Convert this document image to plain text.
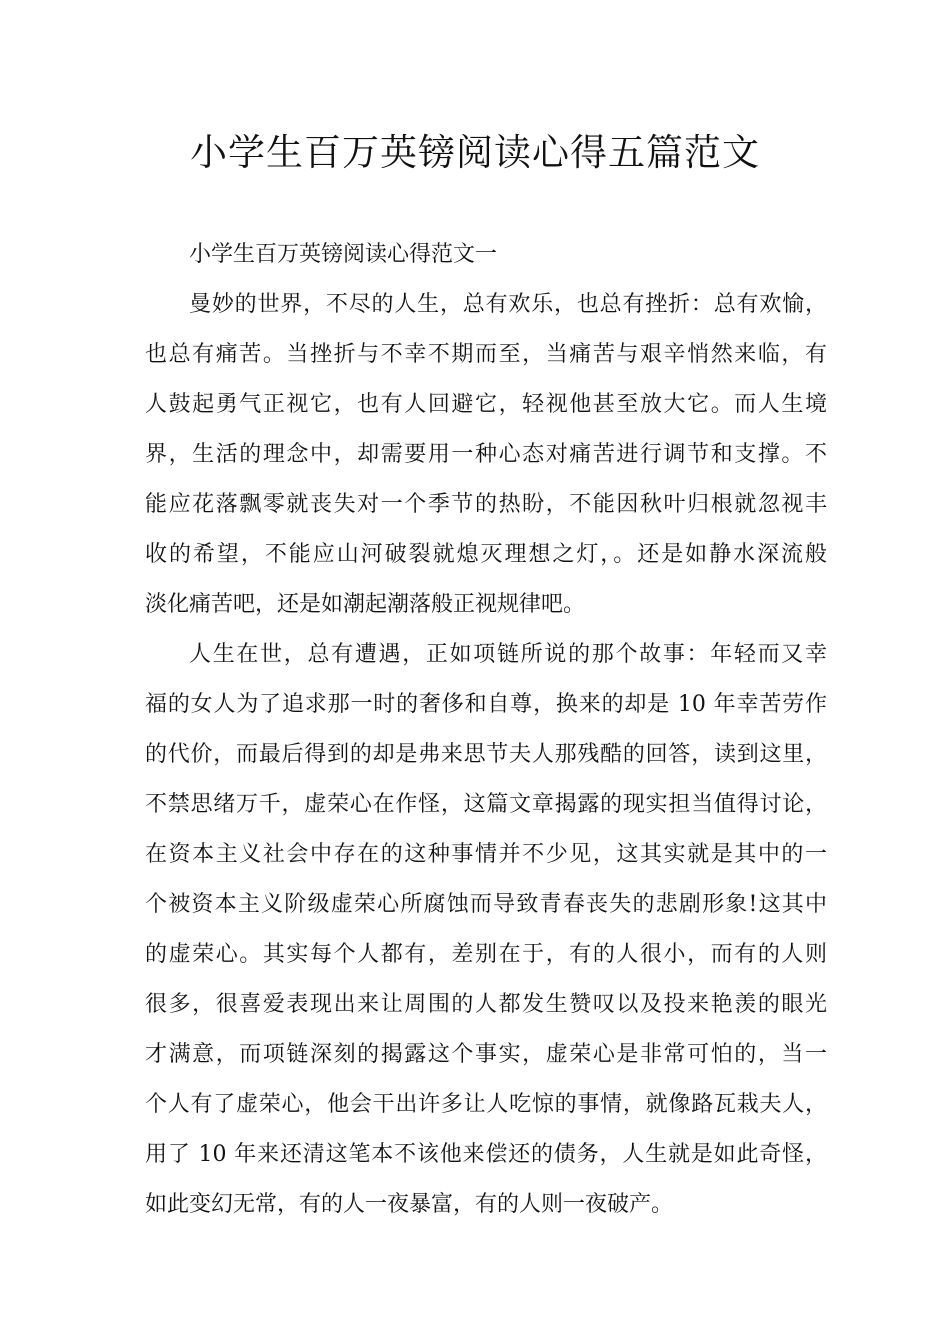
小学生百万英镑阅读心得五篇范文

小学生百万英镑阅读心得范文一

曼妙的世界，不尽的人生，总有欢乐，也总有挫折：总有欢愉，
也总有痛苦。当挫折与不幸不期而至，当痛苦与艰辛悄然来临，有
人鼓起勇气正视它，也有人回避它，轻视他甚至放大它。而人生境
界，生活的理念中，却需要用一种心态对痛苦进行调节和支撑。不
能应花落飘零就丧失对一个季节的热盼，不能因秋叶归根就忽视丰
收的希望，不能应山河破裂就熄灭理想之灯，。还是如静水深流般
淡化痛苦吧，还是如潮起潮落般正视规律吧。

人生在世，总有遭遇，正如项链所说的那个故事：年轻而又幸
福的女人为了追求那一时的奢侈和自尊，换来的却是 10 年幸苦劳作
的代价，而最后得到的却是弗来思节夫人那残酷的回答，读到这里，
不禁思绪万千，虚荣心在作怪，这篇文章揭露的现实担当值得讨论，
在资本主义社会中存在的这种事情并不少见，这其实就是其中的一
个被资本主义阶级虚荣心所腐蚀而导致青春丧失的悲剧形象!这其中
的虚荣心。其实每个人都有，差别在于，有的人很小，而有的人则
很多，很喜爱表现出来让周围的人都发生赞叹以及投来艳羡的眼光
才满意，而项链深刻的揭露这个事实，虚荣心是非常可怕的，当一
个人有了虚荣心，他会干出许多让人吃惊的事情，就像路瓦栽夫人，
用了 10 年来还清这笔本不该他来偿还的债务，人生就是如此奇怪，
如此变幻无常，有的人一夜暴富，有的人则一夜破产。
